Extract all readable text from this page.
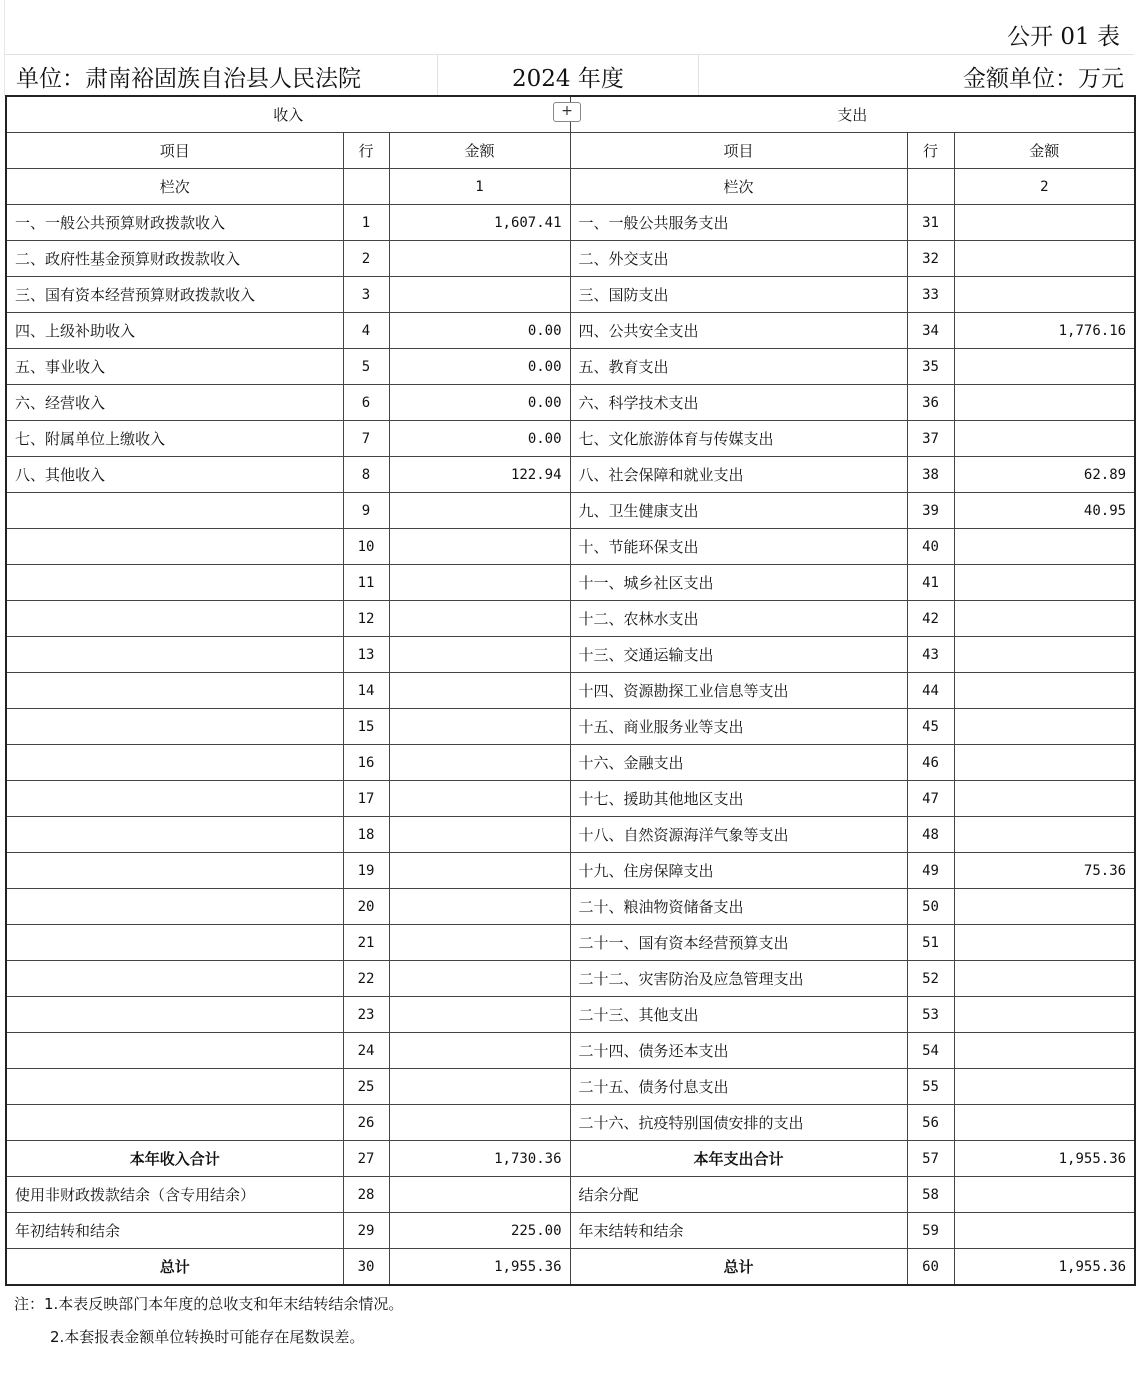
公开 01 表
单位：肃南裕固族自治县人民法院	2024 年度	金额单位：万元
收入			支出		
项目	行	金额	项目	行	金额
栏次		1	栏次		2
一、一般公共预算财政拨款收入	1	1,607.41	一、一般公共服务支出	31	
二、政府性基金预算财政拨款收入	2		二、外交支出	32	
三、国有资本经营预算财政拨款收入	3		三、国防支出	33	
四、上级补助收入	4	0.00	四、公共安全支出	34	1,776.16
五、事业收入	5	0.00	五、教育支出	35	
六、经营收入	6	0.00	六、科学技术支出	36	
七、附属单位上缴收入	7	0.00	七、文化旅游体育与传媒支出	37	
八、其他收入	8	122.94	八、社会保障和就业支出	38	62.89
	9		九、卫生健康支出	39	40.95
	10		十、节能环保支出	40	
	11		十一、城乡社区支出	41	
	12		十二、农林水支出	42	
	13		十三、交通运输支出	43	
	14		十四、资源勘探工业信息等支出	44	
	15		十五、商业服务业等支出	45	
	16		十六、金融支出	46	
	17		十七、援助其他地区支出	47	
	18		十八、自然资源海洋气象等支出	48	
	19		十九、住房保障支出	49	75.36
	20		二十、粮油物资储备支出	50	
	21		二十一、国有资本经营预算支出	51	
	22		二十二、灾害防治及应急管理支出	52	
	23		二十三、其他支出	53	
	24		二十四、债务还本支出	54	
	25		二十五、债务付息支出	55	
	26		二十六、抗疫特别国债安排的支出	56	
本年收入合计	27	1,730.36	本年支出合计	57	1,955.36
使用非财政拨款结余（含专用结余）	28		结余分配	58	
年初结转和结余	29	225.00	年末结转和结余	59	
总计	30	1,955.36	总计	60	1,955.36
+
注：1.本表反映部门本年度的总收支和年末结转结余情况。
2.本套报表金额单位转换时可能存在尾数误差。
